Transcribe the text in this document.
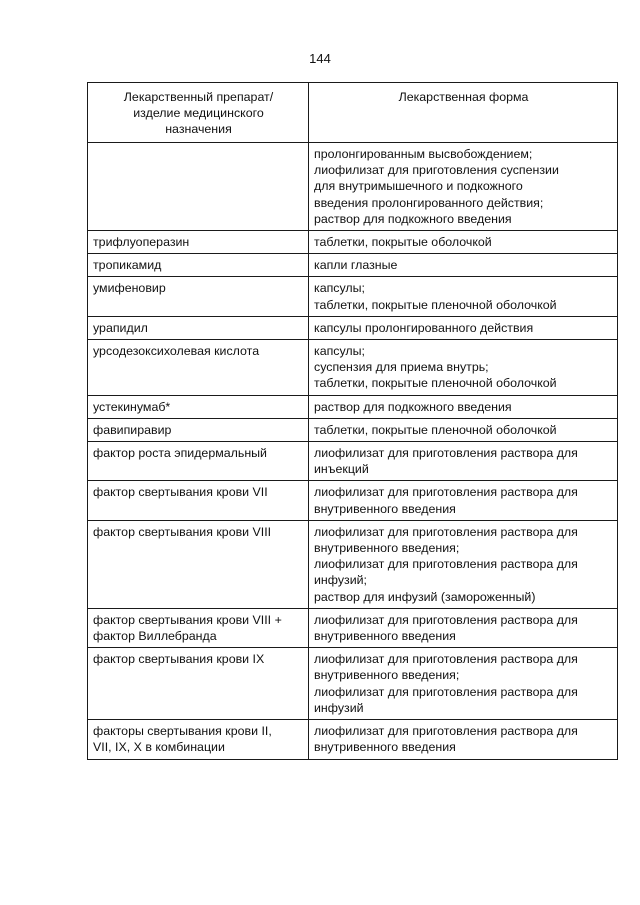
144
Лекарственный препарат/
изделие медицинского
назначения	Лекарственная форма

	пролонгированным высвобождением;
лиофилизат для приготовления суспензии
для внутримышечного и подкожного
введения пролонгированного действия;
раствор для подкожного введения

трифлуоперазин	таблетки, покрытые оболочкой

тропикамид	капли глазные

умифеновир	капсулы;
таблетки, покрытые пленочной оболочкой

урапидил	капсулы пролонгированного действия

урсодезоксихолевая кислота	капсулы;
суспензия для приема внутрь;
таблетки, покрытые пленочной оболочкой

устекинумаб*	раствор для подкожного введения

фавипиравир	таблетки, покрытые пленочной оболочкой

фактор роста эпидермальный	лиофилизат для приготовления раствора для
инъекций

фактор свертывания крови VII	лиофилизат для приготовления раствора для
внутривенного введения

фактор свертывания крови VIII	лиофилизат для приготовления раствора для
внутривенного введения;
лиофилизат для приготовления раствора для
инфузий;
раствор для инфузий (замороженный)

фактор свертывания крови VIII +
фактор Виллебранда	лиофилизат для приготовления раствора для
внутривенного введения

фактор свертывания крови IX	лиофилизат для приготовления раствора для
внутривенного введения;
лиофилизат для приготовления раствора для
инфузий

факторы свертывания крови II,
VII, IX, X в комбинации	лиофилизат для приготовления раствора для
внутривенного введения
